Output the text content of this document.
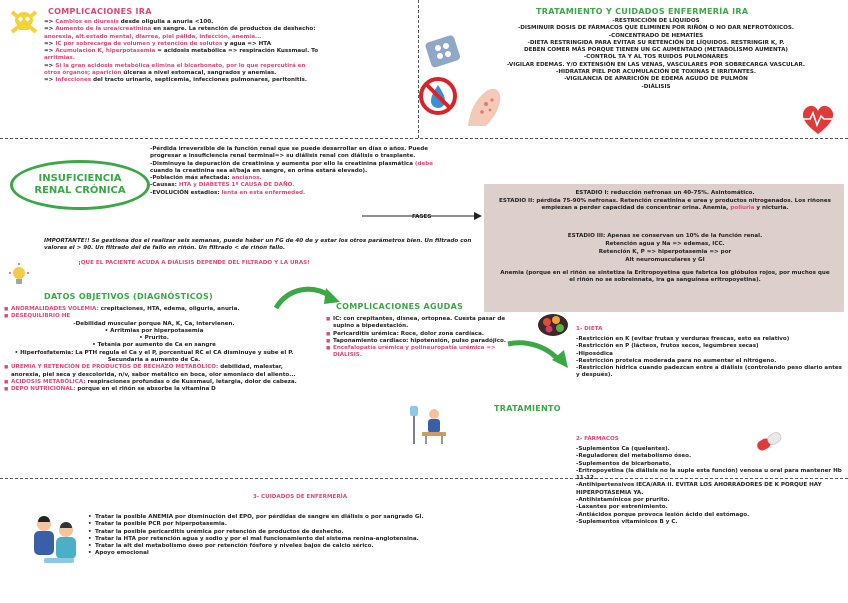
COMPLICACIONES IRA
=> Cambios en diuresis desde oligulia a anuria <100.
=> Aumento de la urea/creatinina en sangre. La retención de productos de deshecho:
anorexia, alt.estado mental, diarrea, piel pálida, infección, anemia...
=> IC por sobrecarga de volumen y retención de solutos y agua => HTA
=> Acumulación K, hiperpotasemia = acidosis metabólica => respiración Kussmaul. To
arritmias.
=> Si la gran acidosis metabólica elimina el bicarbonato, por lo que repercutirá en
otros órganos; aparición úlceras a nivel estomacal, sangrados y anemias.
=> Infecciones del tracto urinario, septicemia, infecciones pulmonares, peritonitis.
TRATAMIENTO Y CUIDADOS ENFERMERÍA IRA
-RESTRICCIÓN DE LÍQUIDOS
-DISMINUIR DOSIS DE FÁRMACOS QUE ELIMINEN POR RIÑÓN O NO DAR NEFROTÓXICOS.
-CONCENTRADO DE HEMATÍES
-DIETA RESTRINGIDA PARA EVITAR SU RETENCIÓN DE LÍQUIDOS. RESTRINGIR K, P.
DEBEN COMER MÁS PORQUE TIENEN UN GC AUMENTADO (METABOLISMO AUMENTA)
-CONTROL TA Y AL TOS RUIDOS PULMONARES
-VIGILAR EDEMAS. Y/O EXTENSIÓN EN LAS VENAS, VASCULARES POR SOBRECARGA VASCULAR.
-HIDRATAR PIEL POR ACUMULACIÓN DE TOXINAS E IRRITANTES.
-VIGILANCIA DE APARICIÓN DE EDEMA AGUDO DE PULMÓN
-DIÁLISIS
INSUFICIENCIA RENAL CRÓNICA
-Pérdida irreversible de la función renal que se puede desarrollar en días o años. Puede
progresar a insuficiencia renal terminal=> su diálisis renal con diálisis o trasplante.
-Disminuye la depuración de creatinina y aumenta por ello la creatinina plasmática (debe
cuando la creatinina sea al/baja en sangre, en orina estará elevado).
-Población más afectada: ancianos.
-Causas: HTA y DIABETES 1ª CAUSA DE DAÑO.
-EVOLUCIÓN estadios: lenta en esta enfermedad.
FASES
ESTADIO I: reducción nefronas un 40-75%. Asintomático.
ESTADIO II: pérdida 75-90% nefronas. Retención creatinina e urea y productos nitrogenados. Los riñones empiezan a perder capacidad de concentrar orina. Anemia, poliuria y nicturia.
ESTADIO III: Apenas se conservan un 10% de la función renal.
Retención agua y Na => edemas, ICC.
Retención K, P => hiperpotasemia => por
Alt neuromusculares y GI
Anemia (porque en el riñón se sintetiza la Eritropoyetina que fabrica los glóbulos rojos, por muchos que el riñón no se sobreinnata, ira ga sanguínea eritropoyetina).
IMPORTANTE!! Se gestiona dos el realizar seis semanas, puede haber un FG de 40 de y estar los otros parámetros bien. Un filtrado con valores el > 90. Un filtrado del de fallo en riñón. Un filtrado < de riñón fallo.
¡QUE EL PACIENTE ACUDA A DIÁLISIS DEPENDE DEL FILTRADO Y LA URAS!
DATOS OBJETIVOS (DIAGNÓSTICOS)
■ ANORMALIDADES VOLEMIA: crepitaciones, HTA, edema, oliguria, anuria.
■ DESEQUILIBRIO HE
-Debilidad muscular porque NA, K, Ca, intervienen.
• Arritmias por hiperpotasemia
• Prurito.
• Tetania por aumento de Ca en sangre
• Hiperfosfatemia: La PTH regula el Ca y el P, porcentual RC el CA disminuye y sube el P. Secundaria a aumento de Ca.
■ UREMIA Y RETENCIÓN DE PRODUCTOS DE RECHAZO METABÓLICO: debilidad, malestar, anorexia, piel seca y descolorida, n/v, sabor metálico en boca, olor amoniaco del aliento...
■ ACIDOSIS METABÓLICA: respiraciones profundas o de Kussmaul, letargia, dolor de cabeza.
■ DEPO NUTRICIONAL: porque en el riñón se absorbe la vitamina D
COMPLICACIONES AGUDAS
■ IC: con crepitantes, disnea, ortopnea. Cuesta pasar de supino a bipedestación.
■ Pericarditis urémica: Roce, dolor zona cardíaca.
■ Taponamiento cardiaco: hipotensión, pulso paradójico.
■ Encefalopatía urémica y polineuropatía urémica => DIÁLISIS.
TRATAMIENTO
1- DIETA
-Restricción en K (evitar frutas y verduras frescas, esto es relativo)
-Restricción en P (lácteos, frutos secos, legumbres secas)
-Hiposódica
-Restricción proteica moderada para no aumentar el nitrógeno.
-Restricción hídrica cuando padezcan entre a diálisis (controlando peso diario antes y después).
2- FÁRMACOS
-Suplementos Ca (quelantes).
-Reguladores del metabolismo óseo.
-Suplementos de bicarbonato.
-Eritropoyetina (la diálisis no la suple esta función) venosa u oral para mantener Hb 11-12.
-Antihipertensivos IECA/ARA II. EVITAR LOS AHORRADORES DE K PORQUE HAY HIPERPOTASEMIA YA.
-Antihistamínicos por prurito.
-Laxantes por estreñimiento.
-Antiácidos porque provoca lesión ácido del estómago.
-Suplementos vitamínicos B y C.
3- CUIDADOS DE ENFERMERÍA
• Tratar la posible ANEMIA por disminución del EPO, por pérdidas de sangre en diálisis o por sangrado GI.
• Tratar la posible PCR por hiperpotasemia.
• Tratar la posible pericarditis urémica por retención de productos de deshecho.
• Tratar la HTA por retención agua y sodio y por el mal funcionamiento del sistema renina-angiotensina.
• Tratar la alt del metabolismo óseo por retención fósforo y niveles bajos de calcio sérico.
• Apoyo emocional
